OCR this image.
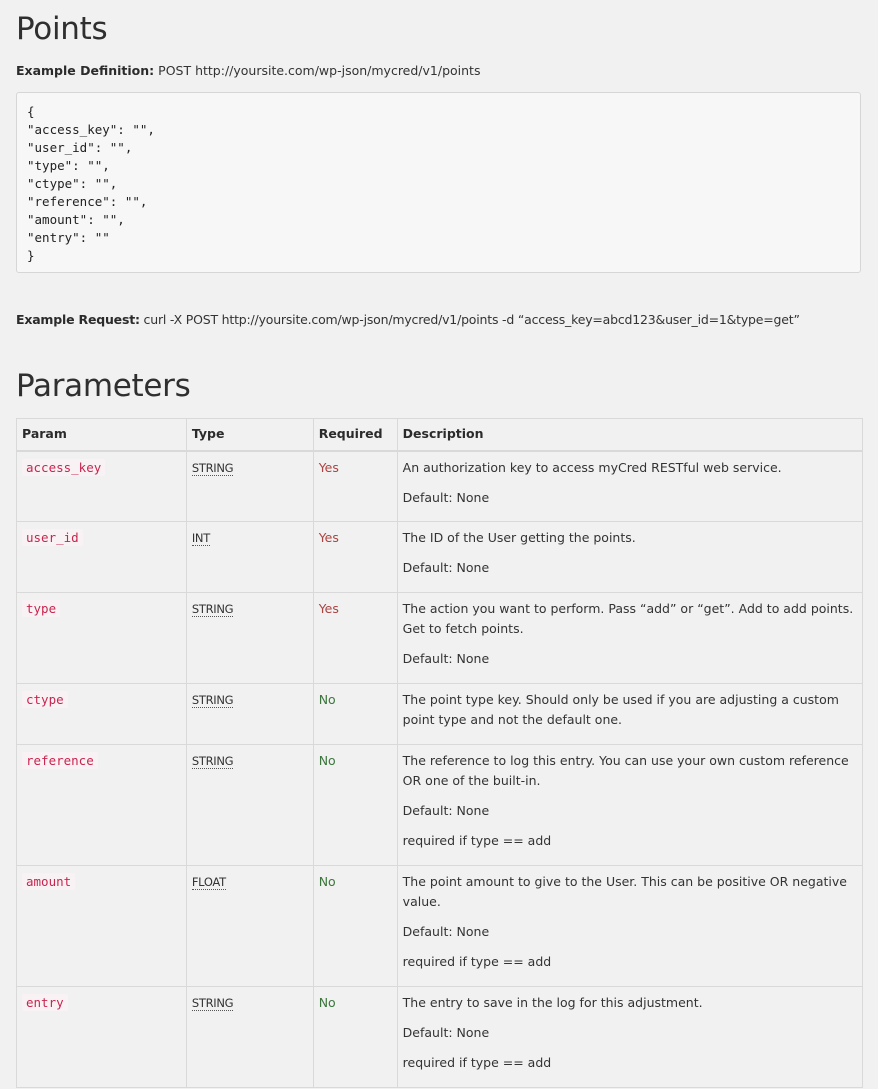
Points
Example Definition: POST http://yoursite.com/wp-json/mycred/v1/points
{
"access_key": "",
"user_id": "",
"type": "",
"ctype": "",
"reference": "",
"amount": "",
"entry": ""
}
Example Request: curl -X POST http://yoursite.com/wp-json/mycred/v1/points -d “access_key=abcd123&user_id=1&type=get”
Parameters
Param	Type	Required	Description
access_key	STRING	Yes	An authorization key to access myCred RESTful web service.

Default: None

user_id	INT	Yes	The ID of the User getting the points.

Default: None

type	STRING	Yes	The action you want to perform. Pass “add” or “get”. Add to add points. Get to fetch points.

Default: None

ctype	STRING	No	The point type key. Should only be used if you are adjusting a custom point type and not the default one.

reference	STRING	No	The reference to log this entry. You can use your own custom reference OR one of the built-in.

Default: None

required if type == add

amount	FLOAT	No	The point amount to give to the User. This can be positive OR negative value.

Default: None

required if type == add

entry	STRING	No	The entry to save in the log for this adjustment.

Default: None

required if type == add
